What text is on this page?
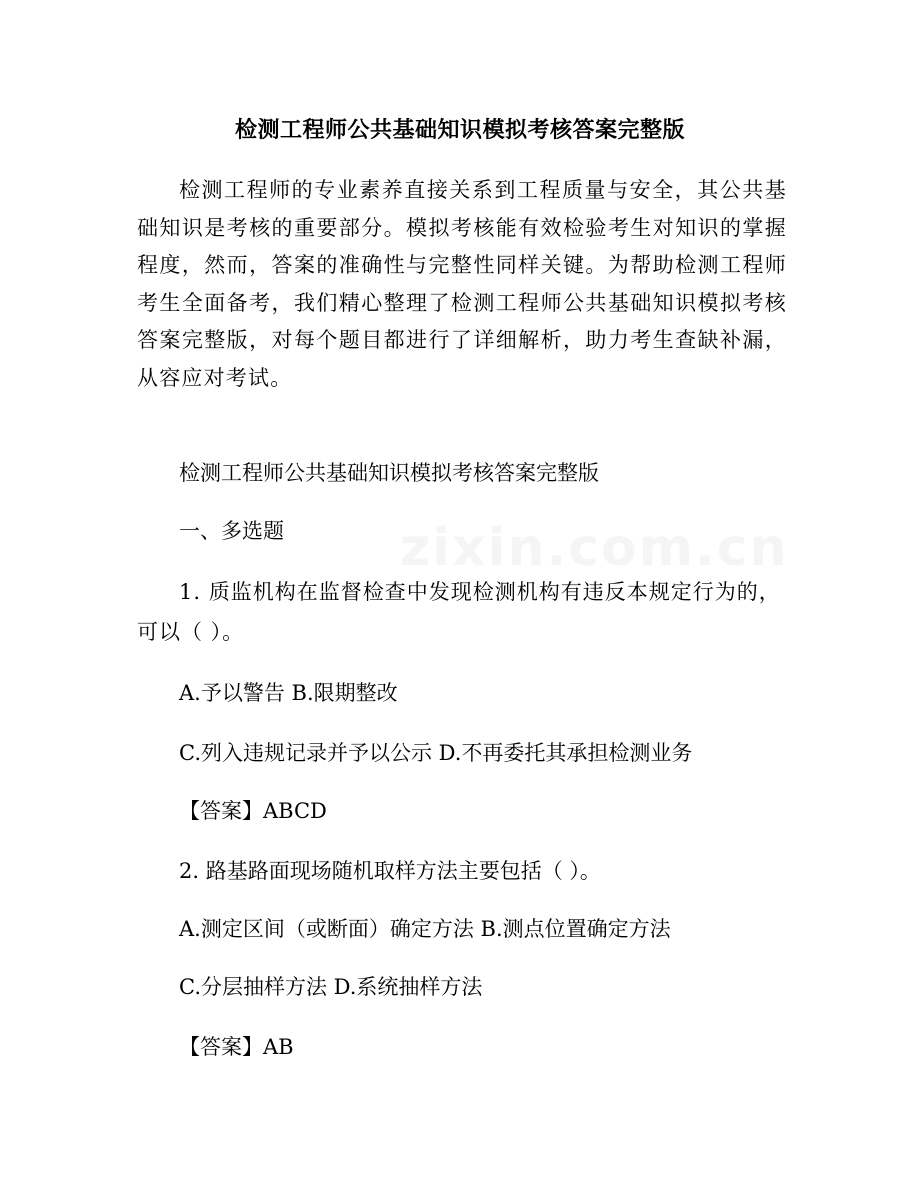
检测工程师公共基础知识模拟考核答案完整版

检测工程师的专业素养直接关系到工程质量与安全，其公共基础知识是考核的重要部分。模拟考核能有效检验考生对知识的掌握程度，然而，答案的准确性与完整性同样关键。为帮助检测工程师考生全面备考，我们精心整理了检测工程师公共基础知识模拟考核答案完整版，对每个题目都进行了详细解析，助力考生查缺补漏，从容应对考试。

检测工程师公共基础知识模拟考核答案完整版

一、多选题

1. 质监机构在监督检查中发现检测机构有违反本规定行为的，可以（ ）。

A.予以警告 B.限期整改

C.列入违规记录并予以公示 D.不再委托其承担检测业务

【答案】ABCD

2. 路基路面现场随机取样方法主要包括（ ）。

A.测定区间（或断面）确定方法 B.测点位置确定方法

C.分层抽样方法 D.系统抽样方法

【答案】AB

zixin.com.cn
